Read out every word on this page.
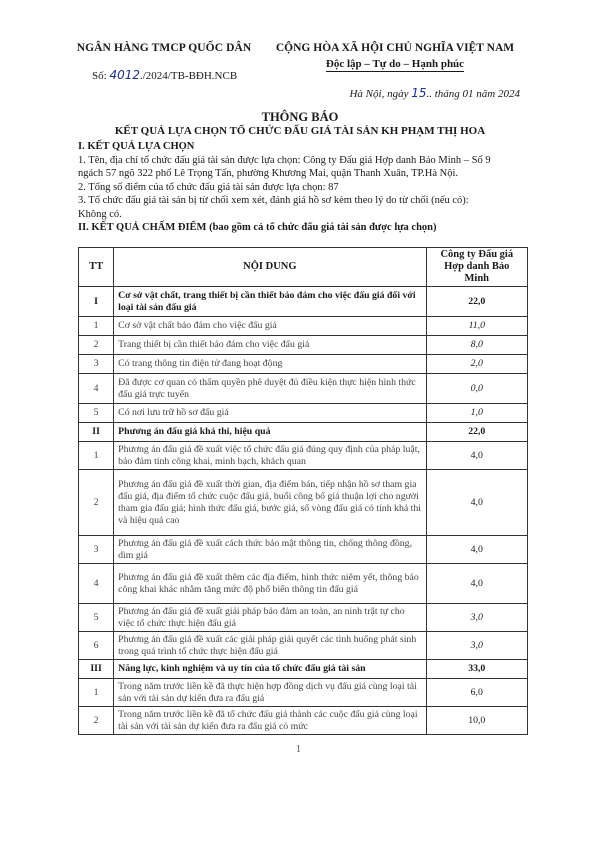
NGÂN HÀNG TMCP QUỐC DÂN
Số: 4012./2024/TB-BĐH.NCB
CỘNG HÒA XÃ HỘI CHỦ NGHĨA VIỆT NAM
Độc lập – Tự do – Hạnh phúc
Hà Nội, ngày 15.. tháng 01 năm 2024
THÔNG BÁO
KẾT QUẢ LỰA CHỌN TỔ CHỨC ĐẤU GIÁ TÀI SẢN KH PHẠM THỊ HOA
I. KẾT QUẢ LỰA CHỌN
1. Tên, địa chỉ tổ chức đấu giá tài sản được lựa chọn: Công ty Đấu giá Hợp danh Bảo Minh – Số 9
ngách 57 ngõ 322 phố Lê Trọng Tấn, phường Khương Mai, quận Thanh Xuân, TP.Hà Nội.
2. Tổng số điểm của tổ chức đấu giá tài sản được lựa chọn: 87
3. Tổ chức đấu giá tài sản bị từ chối xem xét, đánh giá hồ sơ kèm theo lý do từ chối (nếu có):
Không có.
II. KẾT QUẢ CHẤM ĐIỂM (bao gồm cả tổ chức đấu giá tài sản được lựa chọn)
TT	NỘI DUNG	Công ty Đấu giá
Hợp danh Bảo Minh

I	Cơ sở vật chất, trang thiết bị cần thiết bảo đảm cho việc đấu giá đối với loại tài sản đấu giá	22,0
1	Cơ sở vật chất bảo đảm cho việc đấu giá	11,0
2	Trang thiết bị cần thiết bảo đảm cho việc đấu giá	8,0
3	Có trang thông tin điện tử đang hoạt động	2,0
4	Đã được cơ quan có thẩm quyền phê duyệt đủ điều kiện thực hiện hình thức đấu giá trực tuyến	0,0
5	Có nơi lưu trữ hồ sơ đấu giá	1,0
II	Phương án đấu giá khả thi, hiệu quả	22,0
1	Phương án đấu giá đề xuất việc tổ chức đấu giá đúng quy định của pháp luật, bảo đảm tính công khai, minh bạch, khách quan	4,0
2	Phương án đấu giá đề xuất thời gian, địa điểm bán, tiếp nhận hồ sơ tham gia đấu giá, địa điểm tổ chức cuộc đấu giá, buổi công bố giá thuận lợi cho người tham gia đấu giá; hình thức đấu giá, bước giá, số vòng đấu giá có tính khả thi và hiệu quả cao	4,0
3	Phương án đấu giá đề xuất cách thức bảo mật thông tin, chống thông đồng, dìm giá	4,0
4	Phương án đấu giá đề xuất thêm các địa điểm, hình thức niêm yết, thông báo công khai khác nhằm tăng mức độ phổ biến thông tin đấu giá	4,0
5	Phương án đấu giá đề xuất giải pháp bảo đảm an toàn, an ninh trật tự cho việc tổ chức thực hiện đấu giá	3,0
6	Phương án đấu giá đề xuất các giải pháp giải quyết các tình huống phát sinh trong quá trình tổ chức thực hiện đấu giá	3,0
III	Năng lực, kinh nghiệm và uy tín của tổ chức đấu giá tài sản	33,0
1	Trong năm trước liền kề đã thực hiện hợp đồng dịch vụ đấu giá cùng loại tài sản với tài sản dự kiến đưa ra đấu giá	6,0
2	Trong năm trước liền kề đã tổ chức đấu giá thành các cuộc đấu giá cùng loại tài sản với tài sản dự kiến đưa ra đấu giá có mức	10,0
1
